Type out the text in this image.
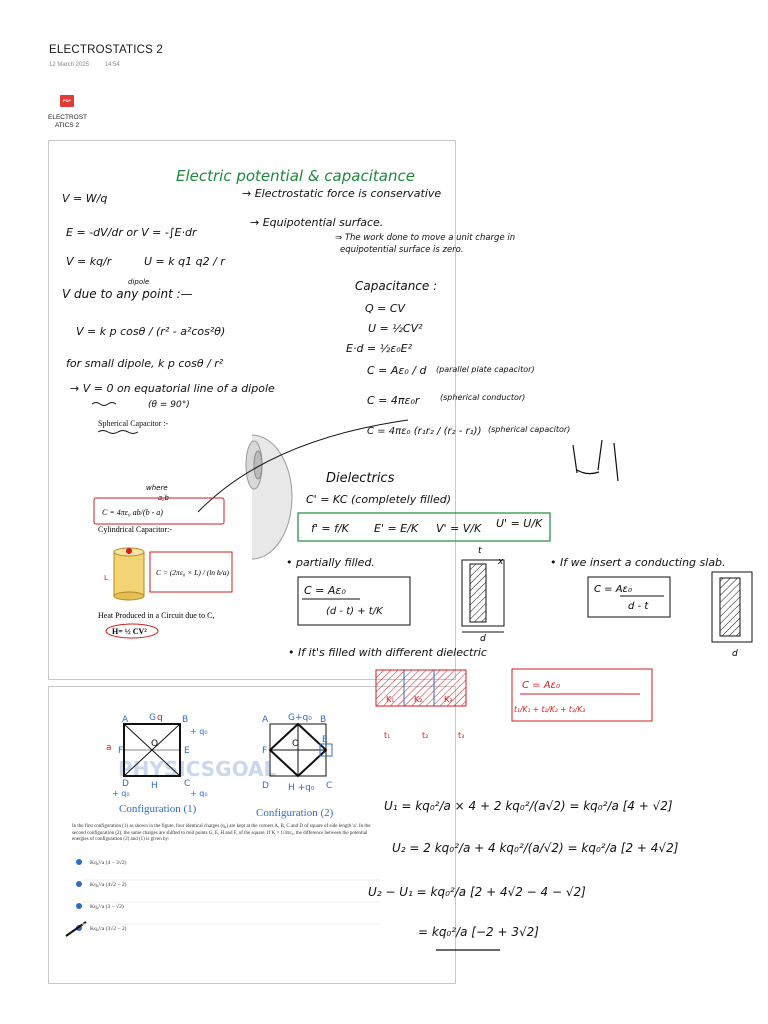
ELECTROSTATICS 2
12 March 2025	14:54
PDF
ELECTROST
ATICS 2
Electric potential & capacitance
V = W/q	→ Electrostatic force is conservative
E = -dV/dr or V = -∫E·dr
→ Equipotential surface.
⇒ The work done to move a unit charge in
equipotential surface is zero.
V = kq/r	U = k q1 q2 / r
dipole
V due to any point :—
V = k p cosθ / (r² - a²cos²θ)
for small dipole, k p cosθ / r²
→ V = 0 on equatorial line of a dipole
(θ = 90°)
Capacitance :
Q = CV
U = ½CV²
E·d = ½ε₀E²
C = Aε₀ / d (parallel plate capacitor)
C = 4πε₀r	(spherical conductor)
C = 4πε₀ (r₁r₂ / (r₂ - r₁)) (spherical capacitor)
Dielectrics
C' = KC (completely filled)
f' = f/K E' = E/K V' = V/K U' = U/K
• partially filled.
C = Aε₀
(d - t) + t/K
t
x
d
• If we insert a conducting slab.
C = Aε₀
d - t
d
• If it's filled with different dielectric
Spherical Capacitor :-
where
a,b
C = 4πε₀ ab/(b - a)
Cylindrical Capacitor:-
L
C = (2πε₀ × L) / (ln b/a)
Heat Produced in a Circuit due to C,
H= ½ CV²
K₁ K₂	K₃
C = Aε₀
t₁	t₂	t₃
t₁/K₁ + t₂/K₂ + t₃/K₃
PHYSICSGOAL
A G	B
F
O
E
D H	C
+ q₀
+ q₀
+ q₀
a
q
Configuration (1)
A G+q₀ B
F
O	E
D H +q₀ C
Configuration (2)
In the first configuration (1) as shown in the figure, four identical charges (q₀) are kept at the corners A, B, C and D of square of side length 'a'. In the second configuration (2), the same charges are shifted to mid points G, E, H and F, of the square. If K = 1/4πε₀, the difference between the potential energies of configuration (2) and (1) is given by:
Kq₀²/a (4 − 3√2)
Kq₀²/a (4√2 − 2)
Kq₀²/a (3 − √2)
Kq₀²/a (3√2 − 2)
U₁ = kq₀²/a × 4 + 2 kq₀²/(a√2) = kq₀²/a [4 + √2]
U₂ = 2 kq₀²/a + 4 kq₀²/(a/√2) = kq₀²/a [2 + 4√2]
U₂ − U₁ = kq₀²/a [2 + 4√2 − 4 − √2]
= kq₀²/a [−2 + 3√2]
